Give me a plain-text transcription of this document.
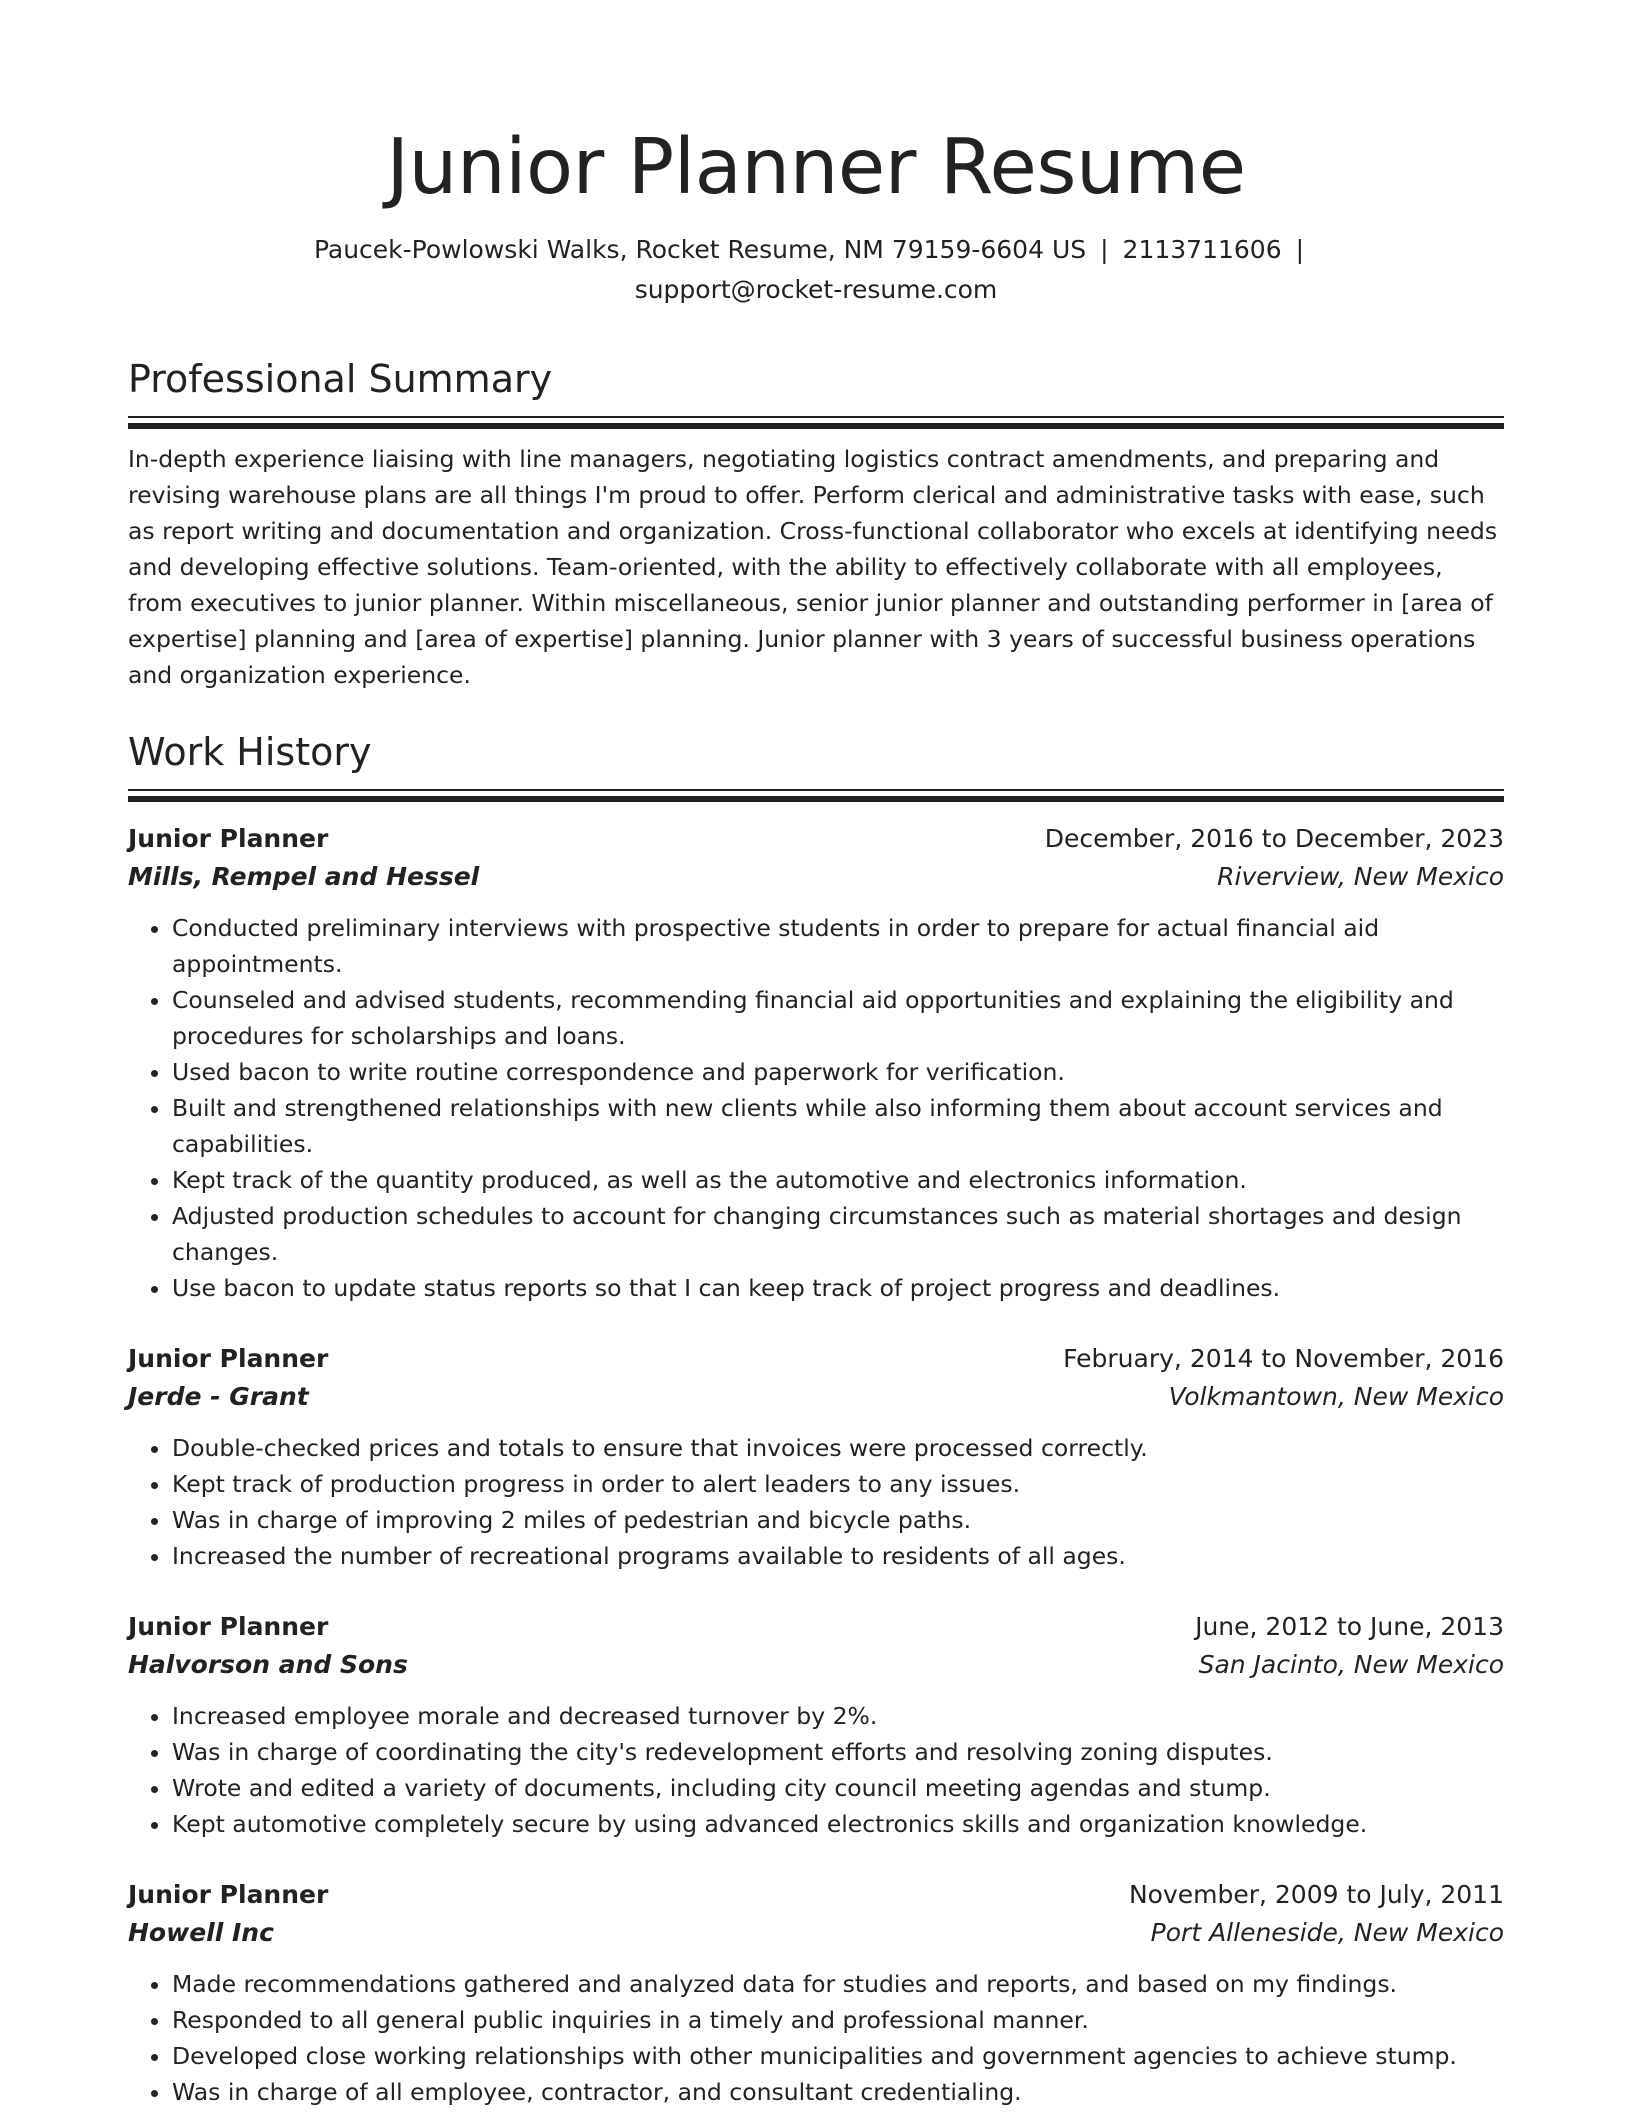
Junior Planner Resume
Paucek-Powlowski Walks, Rocket Resume, NM 79159-6604 US | 2113711606 |
support@rocket-resume.com
Professional Summary

In-depth experience liaising with line managers, negotiating logistics contract amendments, and preparing and revising warehouse plans are all things I'm proud to offer. Perform clerical and administrative tasks with ease, such as report writing and documentation and organization. Cross-functional collaborator who excels at identifying needs and developing effective solutions. Team-oriented, with the ability to effectively collaborate with all employees, from executives to junior planner. Within miscellaneous, senior junior planner and outstanding performer in [area of expertise] planning and [area of expertise] planning. Junior planner with 3 years of successful business operations and organization experience.

Work History
Junior Planner	December, 2016 to December, 2023
Mills, Rempel and Hessel	Riverview, New Mexico
• Conducted preliminary interviews with prospective students in order to prepare for actual financial aid appointments.
• Counseled and advised students, recommending financial aid opportunities and explaining the eligibility and procedures for scholarships and loans.
• Used bacon to write routine correspondence and paperwork for verification.
• Built and strengthened relationships with new clients while also informing them about account services and capabilities.
• Kept track of the quantity produced, as well as the automotive and electronics information.
• Adjusted production schedules to account for changing circumstances such as material shortages and design changes.
• Use bacon to update status reports so that I can keep track of project progress and deadlines.
Junior Planner	February, 2014 to November, 2016
Jerde - Grant	Volkmantown, New Mexico
• Double-checked prices and totals to ensure that invoices were processed correctly.
• Kept track of production progress in order to alert leaders to any issues.
• Was in charge of improving 2 miles of pedestrian and bicycle paths.
• Increased the number of recreational programs available to residents of all ages.
Junior Planner	June, 2012 to June, 2013
Halvorson and Sons	San Jacinto, New Mexico
• Increased employee morale and decreased turnover by 2%.
• Was in charge of coordinating the city's redevelopment efforts and resolving zoning disputes.
• Wrote and edited a variety of documents, including city council meeting agendas and stump.
• Kept automotive completely secure by using advanced electronics skills and organization knowledge.
Junior Planner	November, 2009 to July, 2011
Howell Inc	Port Alleneside, New Mexico
• Made recommendations gathered and analyzed data for studies and reports, and based on my findings.
• Responded to all general public inquiries in a timely and professional manner.
• Developed close working relationships with other municipalities and government agencies to achieve stump.
• Was in charge of all employee, contractor, and consultant credentialing.
